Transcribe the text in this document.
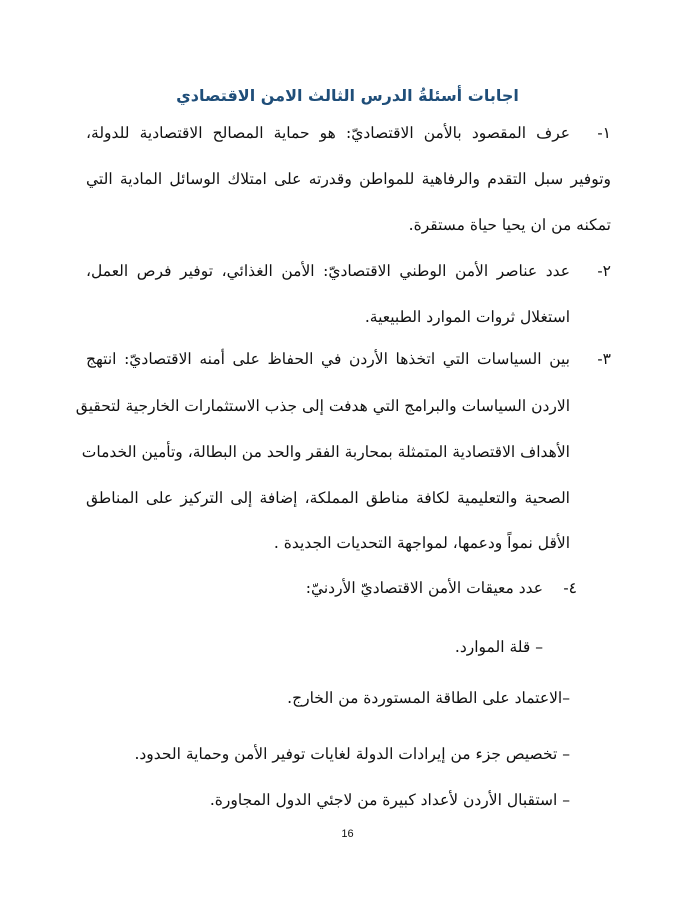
اجابات أسئلةُ الدرس الثالث الامن الاقتصادي
١-
عرف المقصود بالأمن الاقتصاديّ: هو حماية المصالح الاقتصادية للدولة،
وتوفير سبل التقدم والرفاهية للمواطن وقدرته على امتلاك الوسائل المادية التي
تمكنه من ان يحيا حياة مستقرة.
٢-
عدد عناصر الأمن الوطني الاقتصاديّ: الأمن الغذائي، توفير فرص العمل،
استغلال ثروات الموارد الطبيعية.
٣-
بين السياسات التي اتخذها الأردن في الحفاظ على أمنه الاقتصاديّ: انتهج
الاردن السياسات والبرامج التي هدفت إلى جذب الاستثمارات الخارجية لتحقيق
الأهداف الاقتصادية المتمثلة بمحاربة الفقر والحد من البطالة، وتأمين الخدمات
الصحية والتعليمية لكافة مناطق المملكة، إضافة إلى التركيز على المناطق
الأقل نمواً ودعمها، لمواجهة التحديات الجديدة .
٤-
عدد معيقات الأمن الاقتصاديّ الأردنيّ:
– قلة الموارد.
–الاعتماد على الطاقة المستوردة من الخارج.
– تخصيص جزء من إيرادات الدولة لغايات توفير الأمن وحماية الحدود.
– استقبال الأردن لأعداد كبيرة من لاجئي الدول المجاورة.
16
